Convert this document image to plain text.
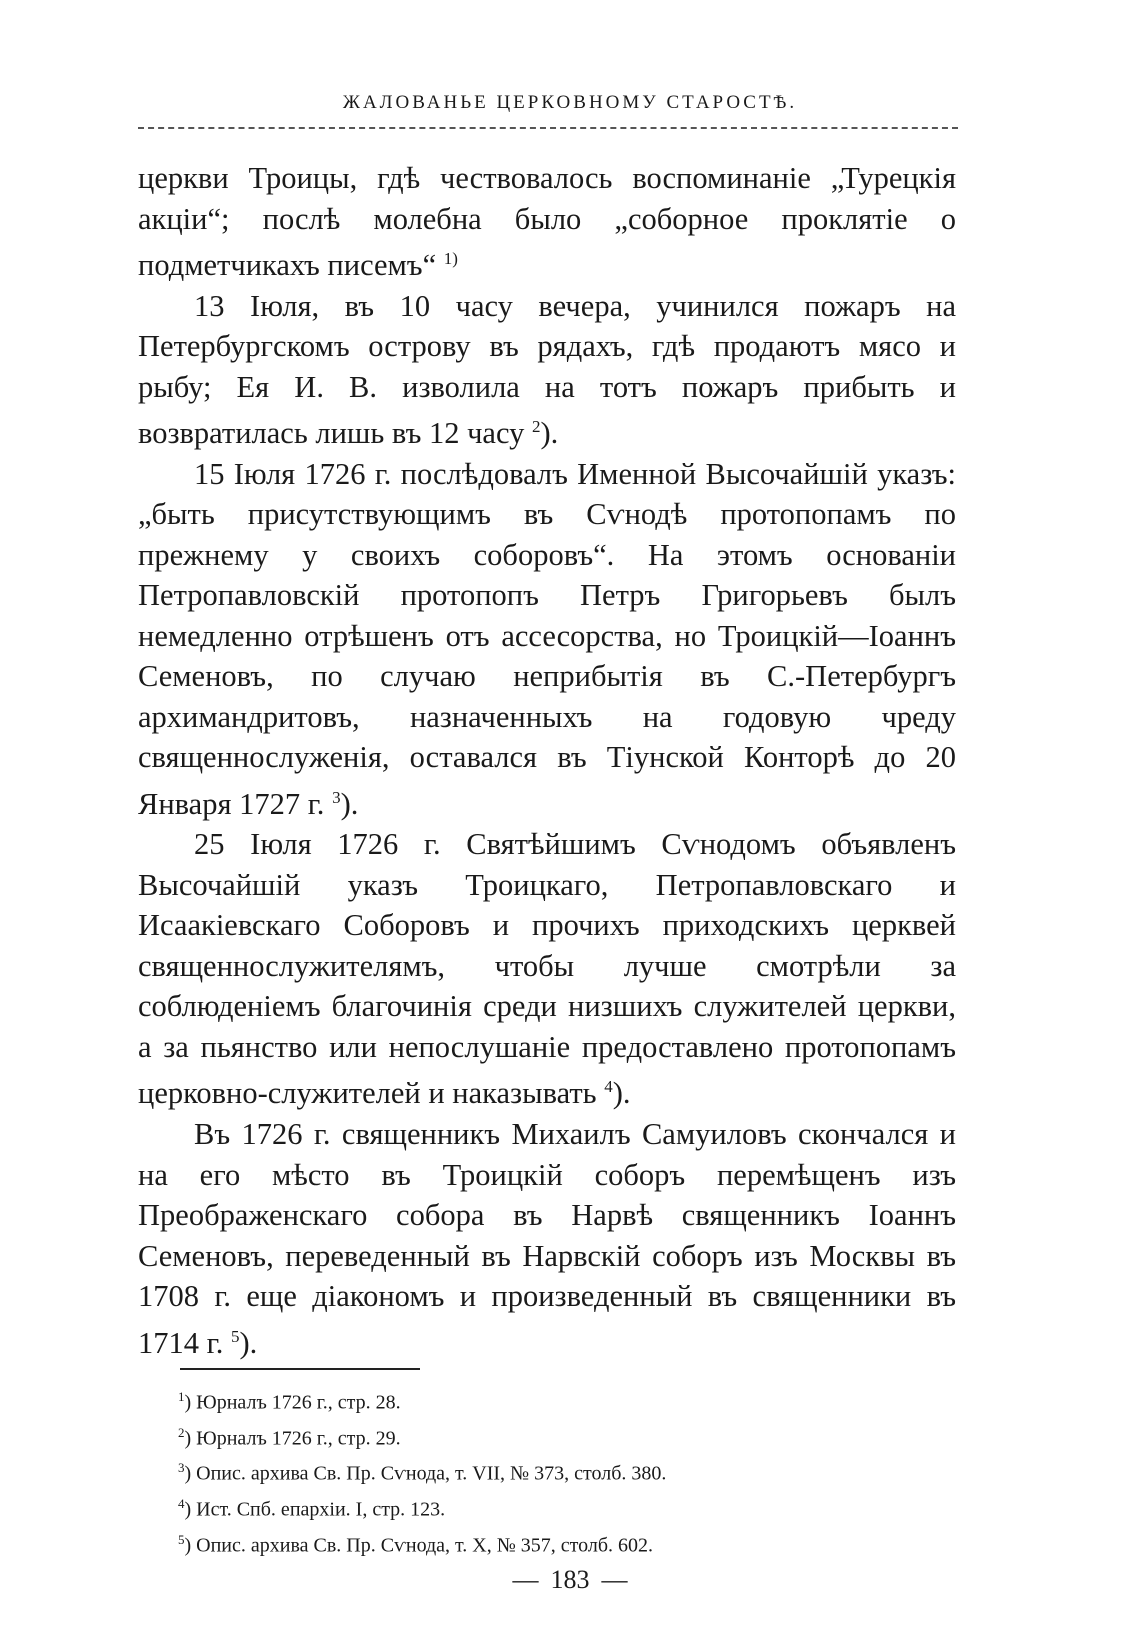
ЖАЛОВАНЬЕ ЦЕРКОВНОМУ СТАРОСТѢ.

церкви Троицы, гдѣ чествовалось воспоминаніе „Турецкія акціи“; послѣ молебна было „соборное проклятіе о подметчикахъ писемъ“ $^{1)}$

13 Іюля, въ 10 часу вечера, учинился пожаръ на Петербургскомъ острову въ рядахъ, гдѣ продаютъ мясо и рыбу; Ея И. В. изволила на тотъ пожаръ прибыть и возвратилась лишь въ 12 часу $^2$).

15 Іюля 1726 г. послѣдовалъ Именной Высочайшій указъ: „быть присутствующимъ въ Сѵнодѣ протопопамъ по прежнему у своихъ соборовъ“. На этомъ основаніи Петропавловскій протопопъ Петръ Григорьевъ былъ немедленно отрѣшенъ отъ ассесорства, но Троицкій—Іоаннъ Семеновъ, по случаю неприбытія въ С.-Петербургъ архимандритовъ, назначенныхъ на годовую чреду священнослуженія, оставался въ Тіунской Конторѣ до 20 Января 1727 г. $^3$).

25 Іюля 1726 г. Святѣйшимъ Сѵнодомъ объявленъ Высочайшій указъ Троицкаго, Петропавловскаго и Исаакіевскаго Соборовъ и прочихъ приходскихъ церквей священнослужителямъ, чтобы лучше смотрѣли за соблюденіемъ благочинія среди низшихъ служителей церкви, а за пьянство или непослушаніе предоставлено протопопамъ церковно-служителей и наказывать $^4$).

Въ 1726 г. священникъ Михаилъ Самуиловъ скончался и на его мѣсто въ Троицкій соборъ перемѣщенъ изъ Преображенскаго собора въ Нарвѣ священникъ Іоаннъ Семеновъ, переведенный въ Нарвскій соборъ изъ Москвы въ 1708 г. еще діакономъ и произведенный въ священники въ 1714 г. $^5$).

$^1$) Юрналъ 1726 г., стр. 28.
$^2$) Юрналъ 1726 г., стр. 29.
$^3$) Опис. архива Св. Пр. Сѵнода, т. VII, № 373, столб. 380.
$^4$) Ист. Спб. епархіи. I, стр. 123.
$^5$) Опис. архива Св. Пр. Сѵнода, т. X, № 357, столб. 602.
— 183 —
